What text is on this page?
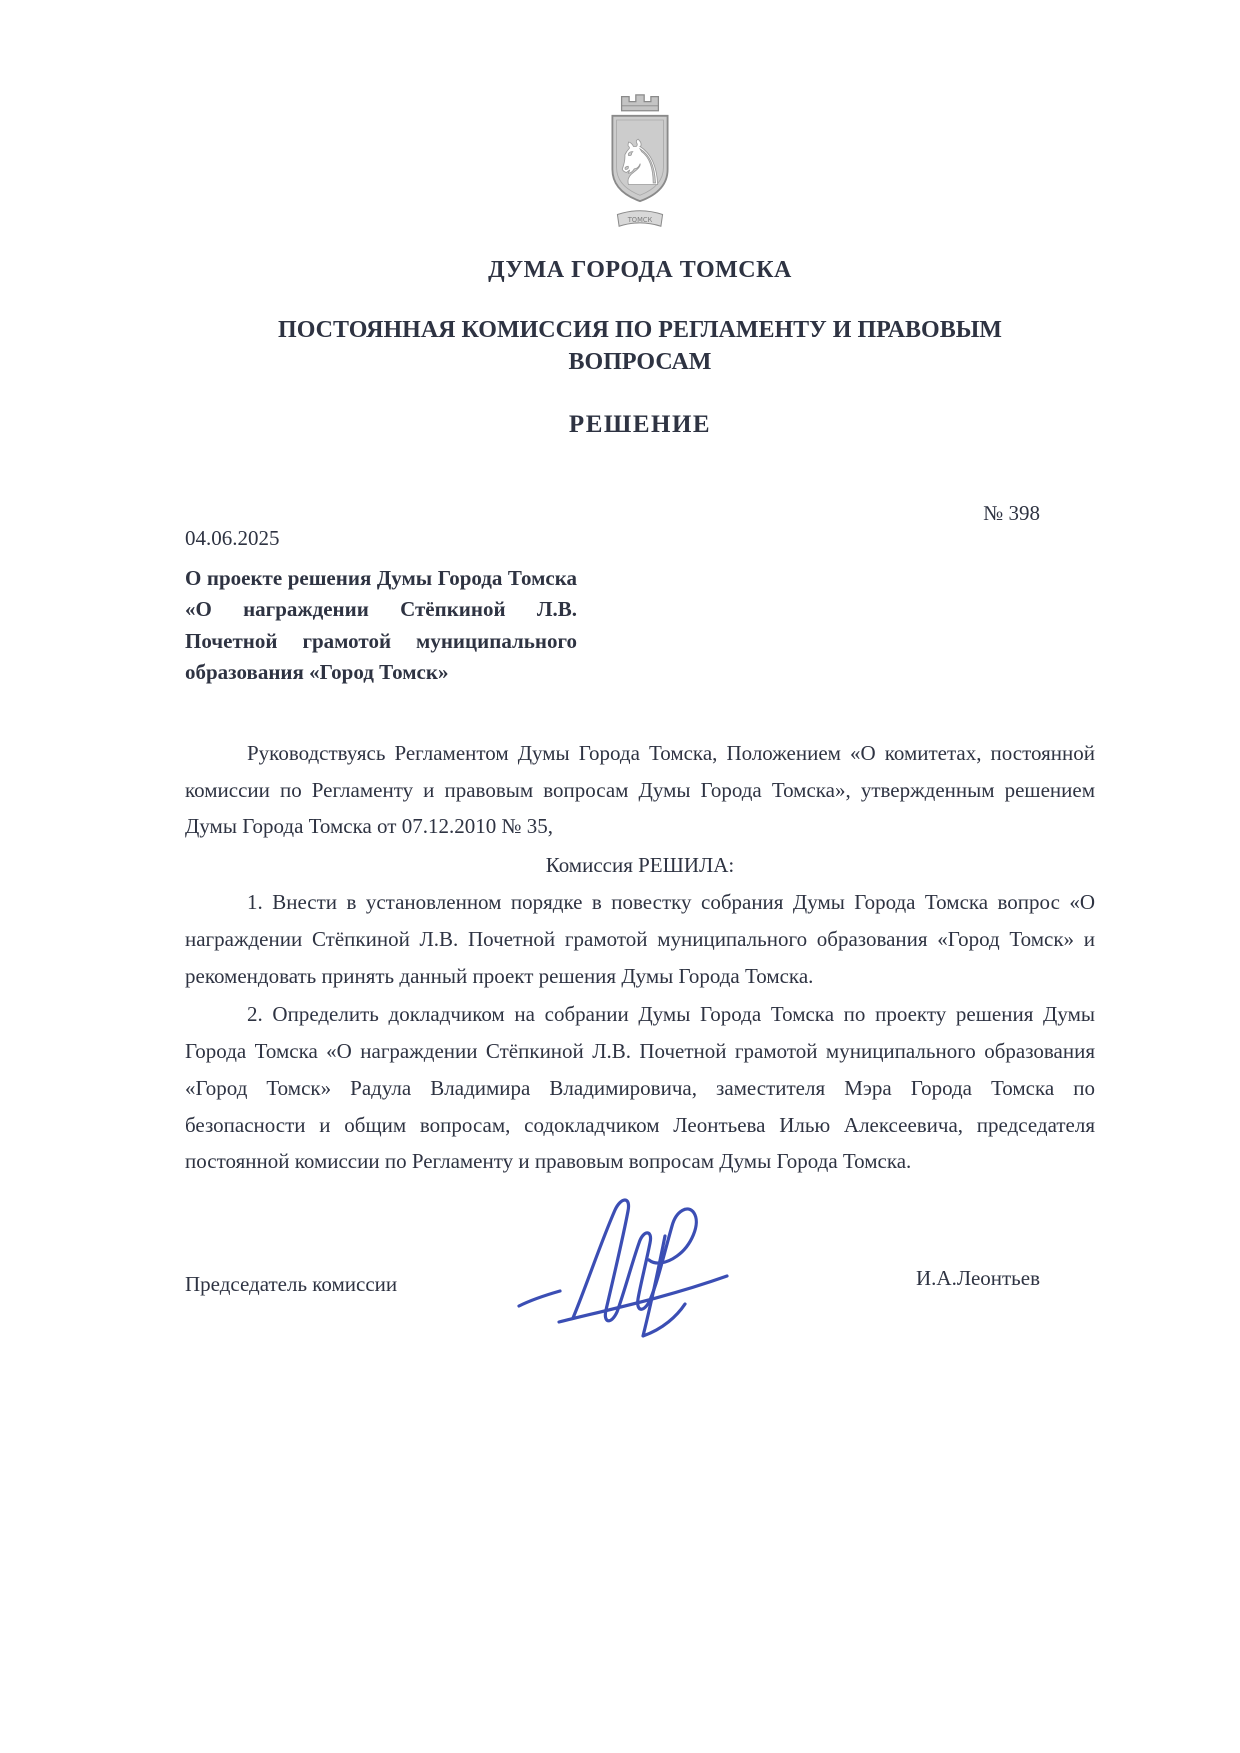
♞
ТОМСК
ДУМА ГОРОДА ТОМСКА
ПОСТОЯННАЯ КОМИССИЯ ПО РЕГЛАМЕНТУ И ПРАВОВЫМ ВОПРОСАМ
РЕШЕНИЕ
№ 398
04.06.2025
О проекте решения Думы Города Томска «О награждении Стёпкиной Л.В. Почетной грамотой муниципального образования «Город Томск»

Руководствуясь Регламентом Думы Города Томска, Положением «О комитетах, постоянной комиссии по Регламенту и правовым вопросам Думы Города Томска», утвержденным решением Думы Города Томска от 07.12.2010 № 35,

Комиссия РЕШИЛА:

1. Внести в установленном порядке в повестку собрания Думы Города Томска вопрос «О награждении Стёпкиной Л.В. Почетной грамотой муниципального образования «Город Томск» и рекомендовать принять данный проект решения Думы Города Томска.

2. Определить докладчиком на собрании Думы Города Томска по проекту решения Думы Города Томска «О награждении Стёпкиной Л.В. Почетной грамотой муниципального образования «Город Томск» Радула Владимира Владимировича, заместителя Мэра Города Томска по безопасности и общим вопросам, содокладчиком Леонтьева Илью Алексеевича, председателя постоянной комиссии по Регламенту и правовым вопросам Думы Города Томска.

Председатель комиссии	И.А.Леонтьев
